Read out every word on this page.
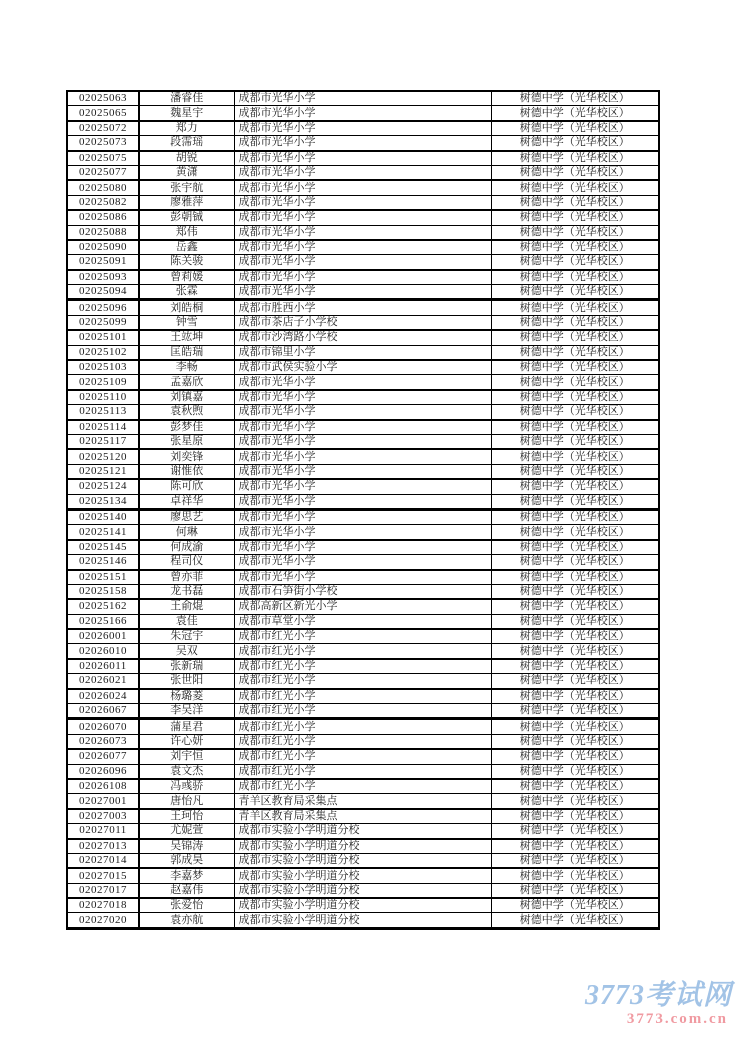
02025063	潘睿佳	成都市光华小学	树德中学（光华校区）
02025065	魏星宇	成都市光华小学	树德中学（光华校区）
02025072	郑力	成都市光华小学	树德中学（光华校区）
02025073	段霈瑶	成都市光华小学	树德中学（光华校区）
02025075	胡锐	成都市光华小学	树德中学（光华校区）
02025077	黄潇	成都市光华小学	树德中学（光华校区）
02025080	张宇航	成都市光华小学	树德中学（光华校区）
02025082	廖雅萍	成都市光华小学	树德中学（光华校区）
02025086	彭朝铖	成都市光华小学	树德中学（光华校区）
02025088	郑伟	成都市光华小学	树德中学（光华校区）
02025090	岳鑫	成都市光华小学	树德中学（光华校区）
02025091	陈关骏	成都市光华小学	树德中学（光华校区）
02025093	曾莉媛	成都市光华小学	树德中学（光华校区）
02025094	张霖	成都市光华小学	树德中学（光华校区）
02025096	刘皓桐	成都市胜西小学	树德中学（光华校区）
02025099	钟雪	成都市茶店子小学校	树德中学（光华校区）
02025101	王竑坤	成都市沙湾路小学校	树德中学（光华校区）
02025102	匡皓瑞	成都市锦里小学	树德中学（光华校区）
02025103	李畅	成都市武侯实验小学	树德中学（光华校区）
02025109	孟嘉欣	成都市光华小学	树德中学（光华校区）
02025110	刘镇嘉	成都市光华小学	树德中学（光华校区）
02025113	袁秋煦	成都市光华小学	树德中学（光华校区）
02025114	彭梦佳	成都市光华小学	树德中学（光华校区）
02025117	张星原	成都市光华小学	树德中学（光华校区）
02025120	刘奕锋	成都市光华小学	树德中学（光华校区）
02025121	谢惟依	成都市光华小学	树德中学（光华校区）
02025124	陈可欣	成都市光华小学	树德中学（光华校区）
02025134	卓祥华	成都市光华小学	树德中学（光华校区）
02025140	廖思艺	成都市光华小学	树德中学（光华校区）
02025141	何琳	成都市光华小学	树德中学（光华校区）
02025145	何成渝	成都市光华小学	树德中学（光华校区）
02025146	程司仪	成都市光华小学	树德中学（光华校区）
02025151	曾亦菲	成都市光华小学	树德中学（光华校区）
02025158	龙书磊	成都市石笋街小学校	树德中学（光华校区）
02025162	王俞焜	成都高新区新光小学	树德中学（光华校区）
02025166	袁佳	成都市草堂小学	树德中学（光华校区）
02026001	朱冠宇	成都市红光小学	树德中学（光华校区）
02026010	吴双	成都市红光小学	树德中学（光华校区）
02026011	张新瑞	成都市红光小学	树德中学（光华校区）
02026021	张世阳	成都市红光小学	树德中学（光华校区）
02026024	杨璐菱	成都市红光小学	树德中学（光华校区）
02026067	李吴洋	成都市红光小学	树德中学（光华校区）
02026070	蒲星君	成都市红光小学	树德中学（光华校区）
02026073	许心妍	成都市红光小学	树德中学（光华校区）
02026077	刘宇恒	成都市红光小学	树德中学（光华校区）
02026096	袁文杰	成都市红光小学	树德中学（光华校区）
02026108	冯彧骄	成都市红光小学	树德中学（光华校区）
02027001	唐怡凡	青羊区教育局采集点	树德中学（光华校区）
02027003	王珂怡	青羊区教育局采集点	树德中学（光华校区）
02027011	尤妮萱	成都市实验小学明道分校	树德中学（光华校区）
02027013	吴锦涛	成都市实验小学明道分校	树德中学（光华校区）
02027014	郭成昊	成都市实验小学明道分校	树德中学（光华校区）
02027015	李嘉梦	成都市实验小学明道分校	树德中学（光华校区）
02027017	赵嘉伟	成都市实验小学明道分校	树德中学（光华校区）
02027018	张爱怡	成都市实验小学明道分校	树德中学（光华校区）
02027020	袁亦航	成都市实验小学明道分校	树德中学（光华校区）
3773考试网
3773.com.cn
